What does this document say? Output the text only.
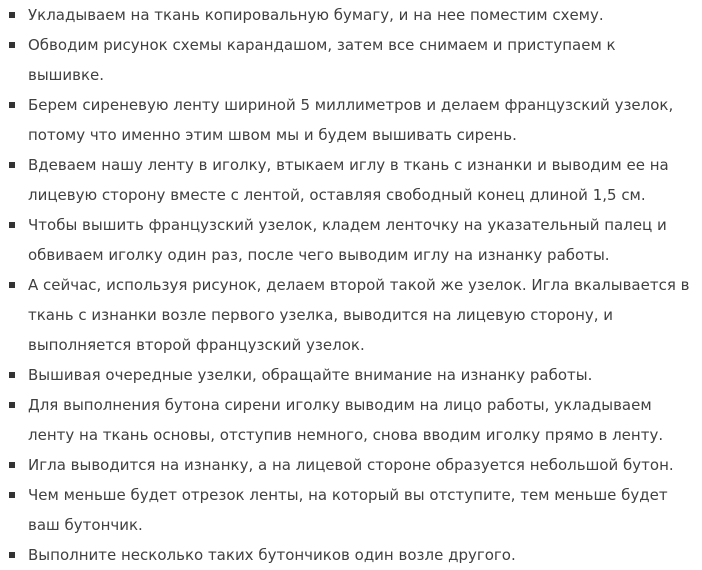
Укладываем на ткань копировальную бумагу, и на нее поместим схему.
Обводим рисунок схемы карандашом, затем все снимаем и приступаем к вышивке.
Берем сиреневую ленту шириной 5 миллиметров и делаем французский узелок, потому что именно этим швом мы и будем вышивать сирень.
Вдеваем нашу ленту в иголку, втыкаем иглу в ткань с изнанки и выводим ее на лицевую сторону вместе с лентой, оставляя свободный конец длиной 1,5 см.
Чтобы вышить французский узелок, кладем ленточку на указательный палец и обвиваем иголку один раз, после чего выводим иглу на изнанку работы.
А сейчас, используя рисунок, делаем второй такой же узелок. Игла вкалывается в ткань с изнанки возле первого узелка, выводится на лицевую сторону, и выполняется второй французский узелок.
Вышивая очередные узелки, обращайте внимание на изнанку работы.
Для выполнения бутона сирени иголку выводим на лицо работы, укладываем ленту на ткань основы, отступив немного, снова вводим иголку прямо в ленту.
Игла выводится на изнанку, а на лицевой стороне образуется небольшой бутон.
Чем меньше будет отрезок ленты, на который вы отступите, тем меньше будет ваш бутончик.
Выполните несколько таких бутончиков один возле другого.
